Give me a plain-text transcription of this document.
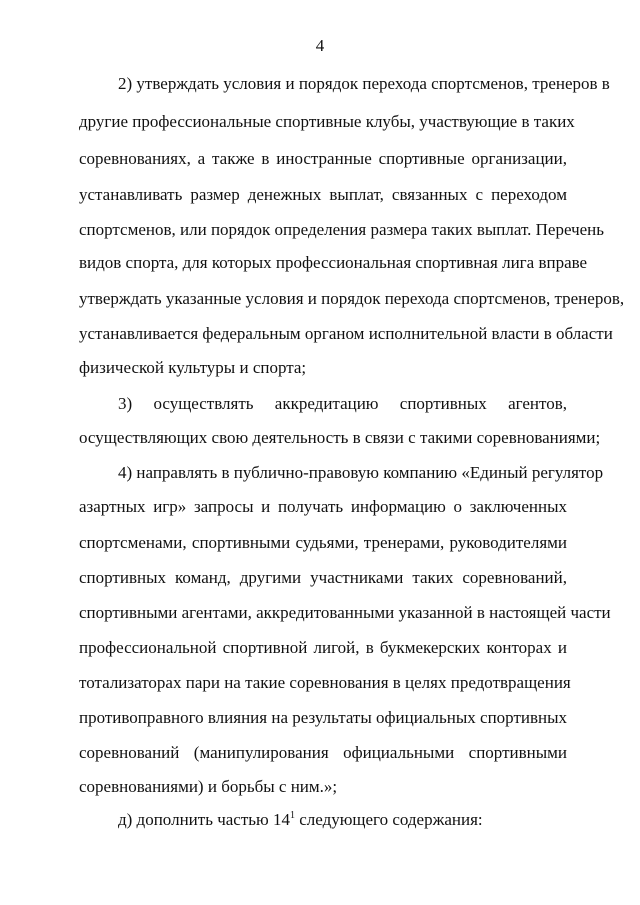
4
2) утверждать условия и порядок перехода спортсменов, тренеров в
другие профессиональные спортивные клубы, участвующие в таких
соревнованиях, а также в иностранные спортивные организации,
устанавливать размер денежных выплат, связанных с переходом
спортсменов, или порядок определения размера таких выплат. Перечень
видов спорта, для которых профессиональная спортивная лига вправе
утверждать указанные условия и порядок перехода спортсменов, тренеров,
устанавливается федеральным органом исполнительной власти в области
физической культуры и спорта;
3) осуществлять аккредитацию спортивных агентов,
осуществляющих свою деятельность в связи с такими соревнованиями;
4) направлять в публично-правовую компанию «Единый регулятор
азартных игр» запросы и получать информацию о заключенных
спортсменами, спортивными судьями, тренерами, руководителями
спортивных команд, другими участниками таких соревнований,
спортивными агентами, аккредитованными указанной в настоящей части
профессиональной спортивной лигой, в букмекерских конторах и
тотализаторах пари на такие соревнования в целях предотвращения
противоправного влияния на результаты официальных спортивных
соревнований (манипулирования официальными спортивными
соревнованиями) и борьбы с ним.»;
д) дополнить частью $14^1$ следующего содержания:
